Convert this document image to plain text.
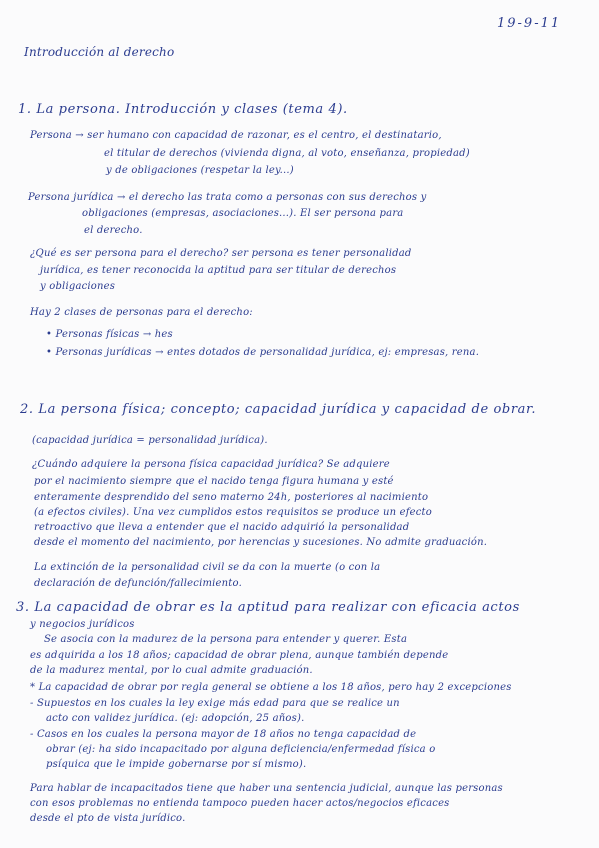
19-9-11
Introducción al derecho
1. La persona. Introducción y clases (tema 4).
Persona → ser humano con capacidad de razonar, es el centro, el destinatario,
el titular de derechos (vivienda digna, al voto, enseñanza, propiedad)
y de obligaciones (respetar la ley...)
Persona jurídica → el derecho las trata como a personas con sus derechos y
obligaciones (empresas, asociaciones...). El ser persona para
el derecho.
¿Qué es ser persona para el derecho? ser persona es tener personalidad
jurídica, es tener reconocida la aptitud para ser titular de derechos
y obligaciones
Hay 2 clases de personas para el derecho:
• Personas físicas → hes
• Personas jurídicas → entes dotados de personalidad jurídica, ej: empresas, rena.
2. La persona física; concepto; capacidad jurídica y capacidad de obrar.
(capacidad jurídica = personalidad jurídica).
¿Cuándo adquiere la persona física capacidad jurídica? Se adquiere
por el nacimiento siempre que el nacido tenga figura humana y esté
enteramente desprendido del seno materno 24h, posteriores al nacimiento
(a efectos civiles). Una vez cumplidos estos requisitos se produce un efecto
retroactivo que lleva a entender que el nacido adquirió la personalidad
desde el momento del nacimiento, por herencias y sucesiones. No admite graduación.
La extinción de la personalidad civil se da con la muerte (o con la
declaración de defunción/fallecimiento.
3. La capacidad de obrar es la aptitud para realizar con eficacia actos
y negocios jurídicos
Se asocia con la madurez de la persona para entender y querer. Esta
es adquirida a los 18 años; capacidad de obrar plena, aunque también depende
de la madurez mental, por lo cual admite graduación.
* La capacidad de obrar por regla general se obtiene a los 18 años, pero hay 2 excepciones
- Supuestos en los cuales la ley exige más edad para que se realice un
acto con validez jurídica. (ej: adopción, 25 años).
- Casos en los cuales la persona mayor de 18 años no tenga capacidad de
obrar (ej: ha sido incapacitado por alguna deficiencia/enfermedad física o
psíquica que le impide gobernarse por sí mismo).
Para hablar de incapacitados tiene que haber una sentencia judicial, aunque las personas
con esos problemas no entienda tampoco pueden hacer actos/negocios eficaces
desde el pto de vista jurídico.
